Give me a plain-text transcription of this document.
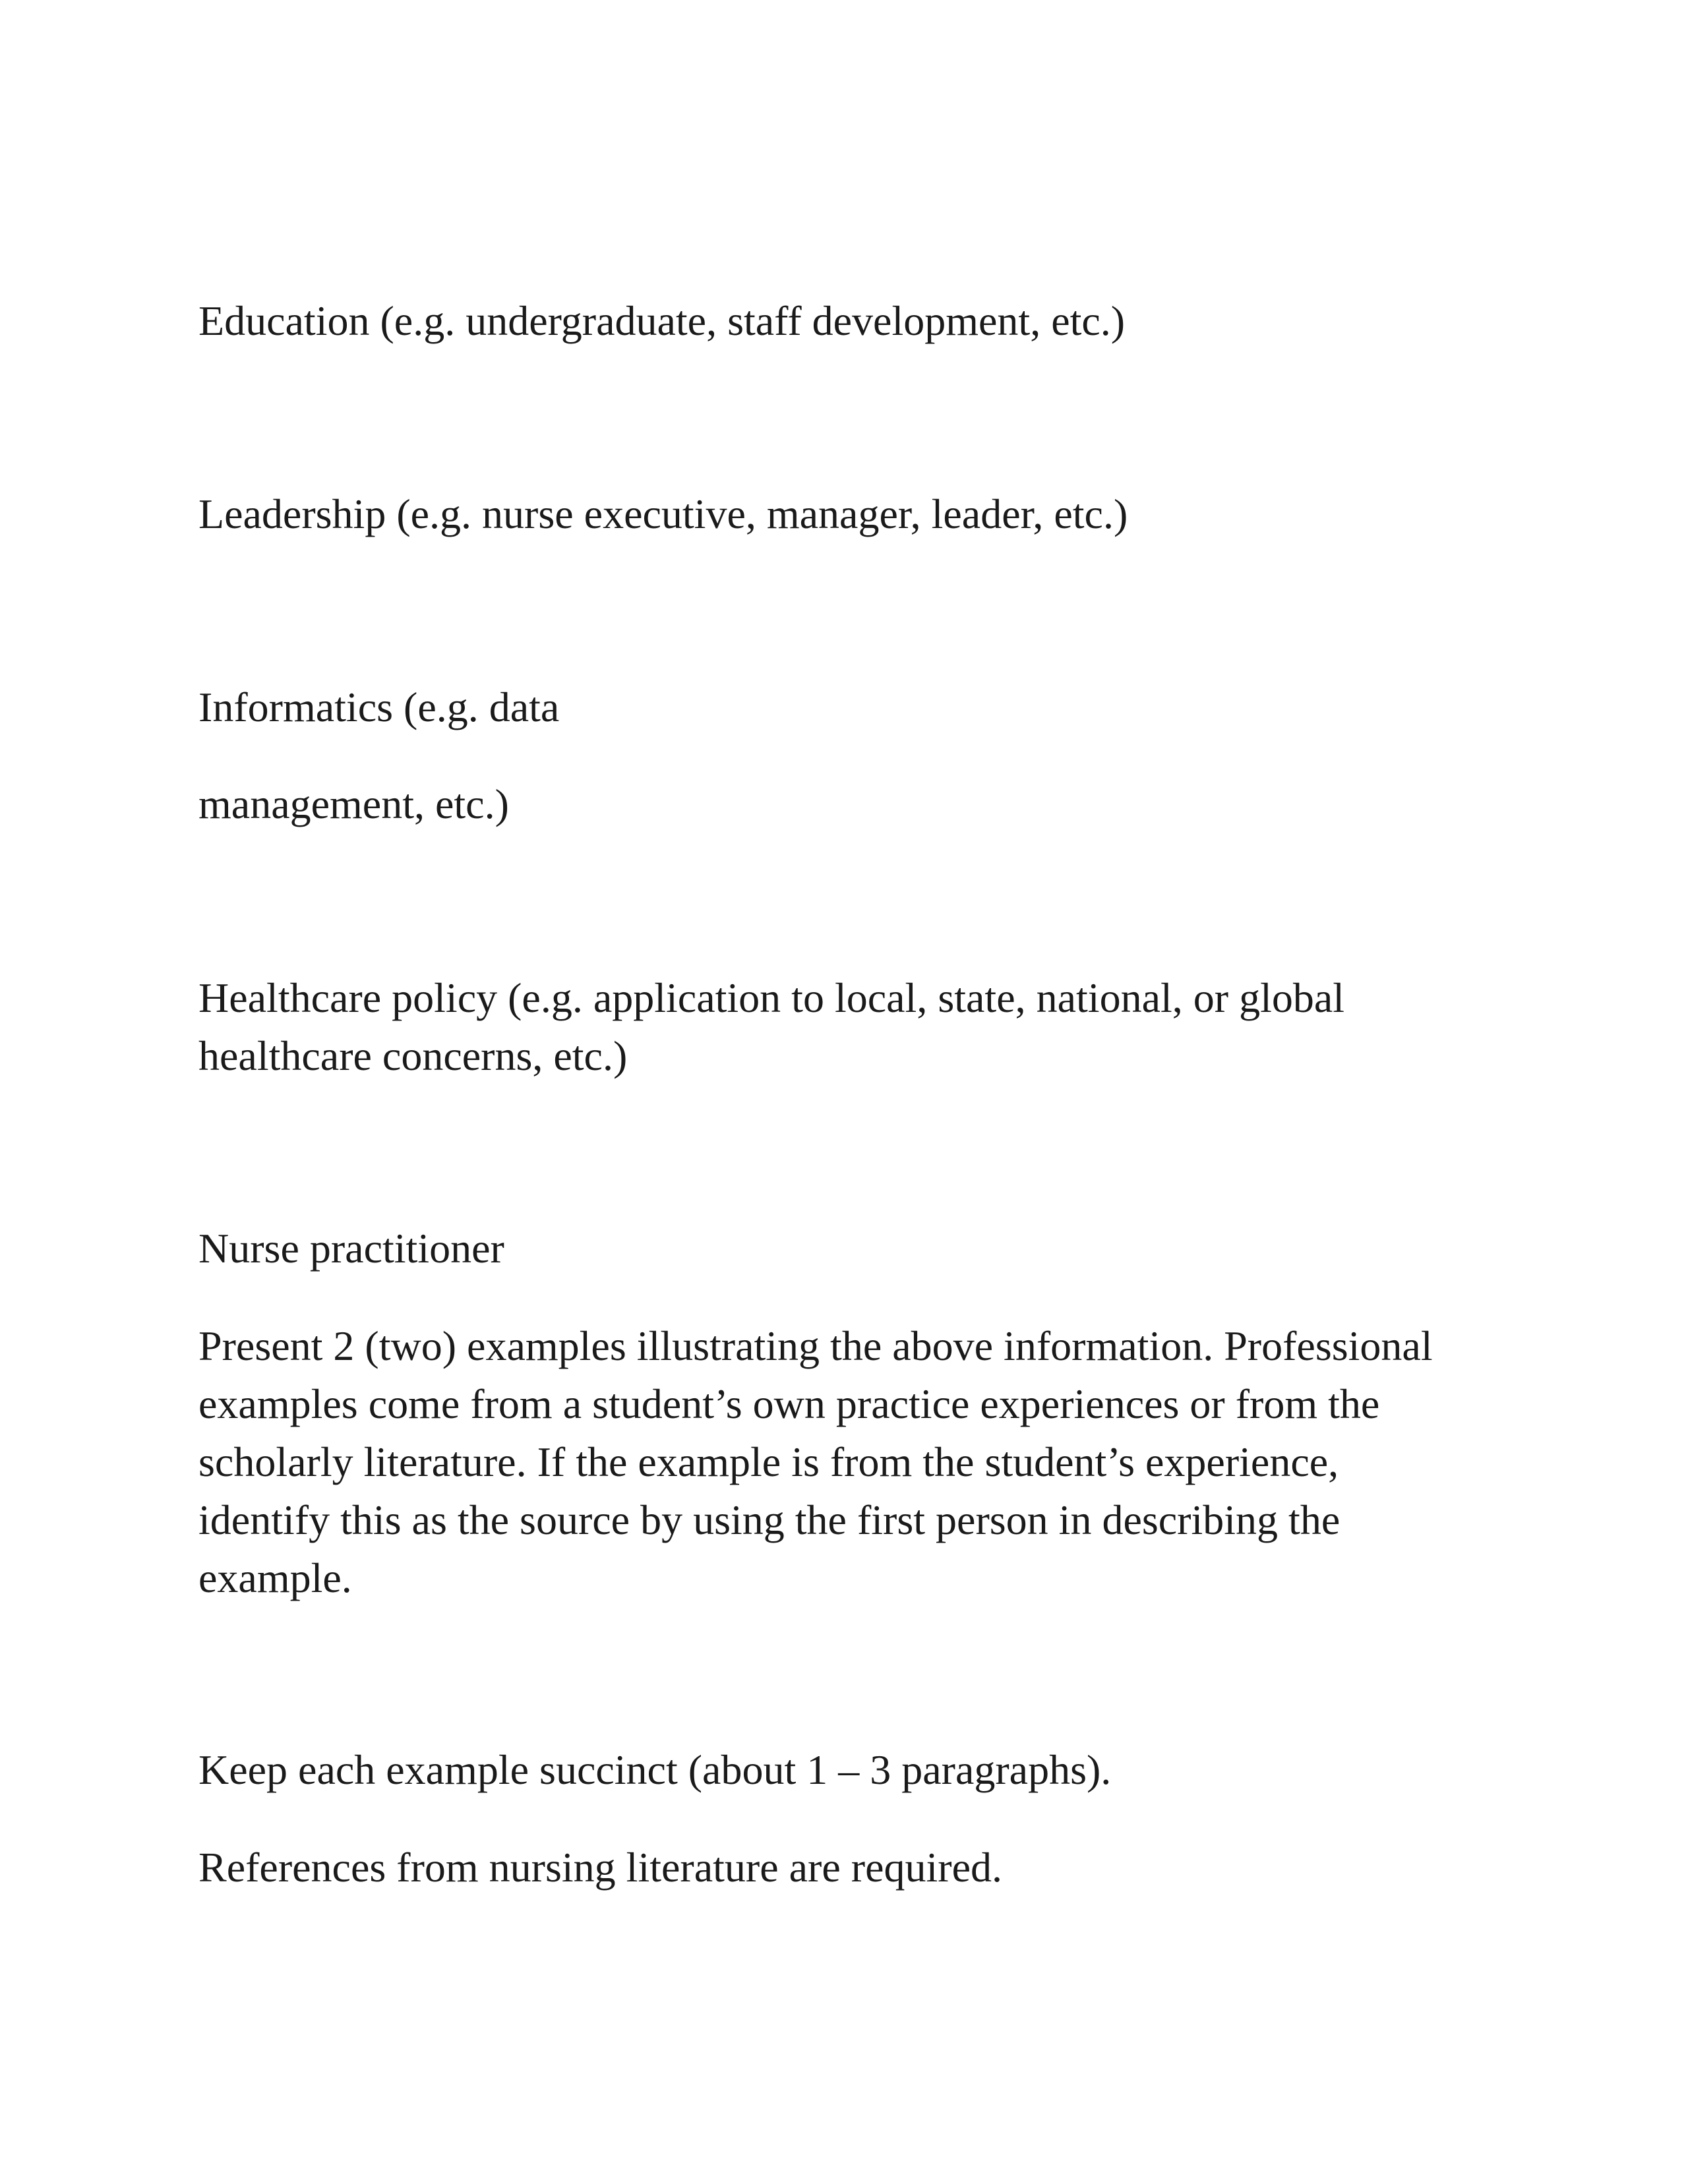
Education (e.g. undergraduate, staff development, etc.)

Leadership (e.g. nurse executive, manager, leader, etc.)

Informatics (e.g. data

management, etc.)

Healthcare policy (e.g. application to local, state, national, or global
healthcare concerns, etc.)

Nurse practitioner

Present 2 (two) examples illustrating the above information. Professional
examples come from a student’s own practice experiences or from the
scholarly literature. If the example is from the student’s experience,
identify this as the source by using the first person in describing the
example.

Keep each example succinct (about 1 – 3 paragraphs).

References from nursing literature are required.
